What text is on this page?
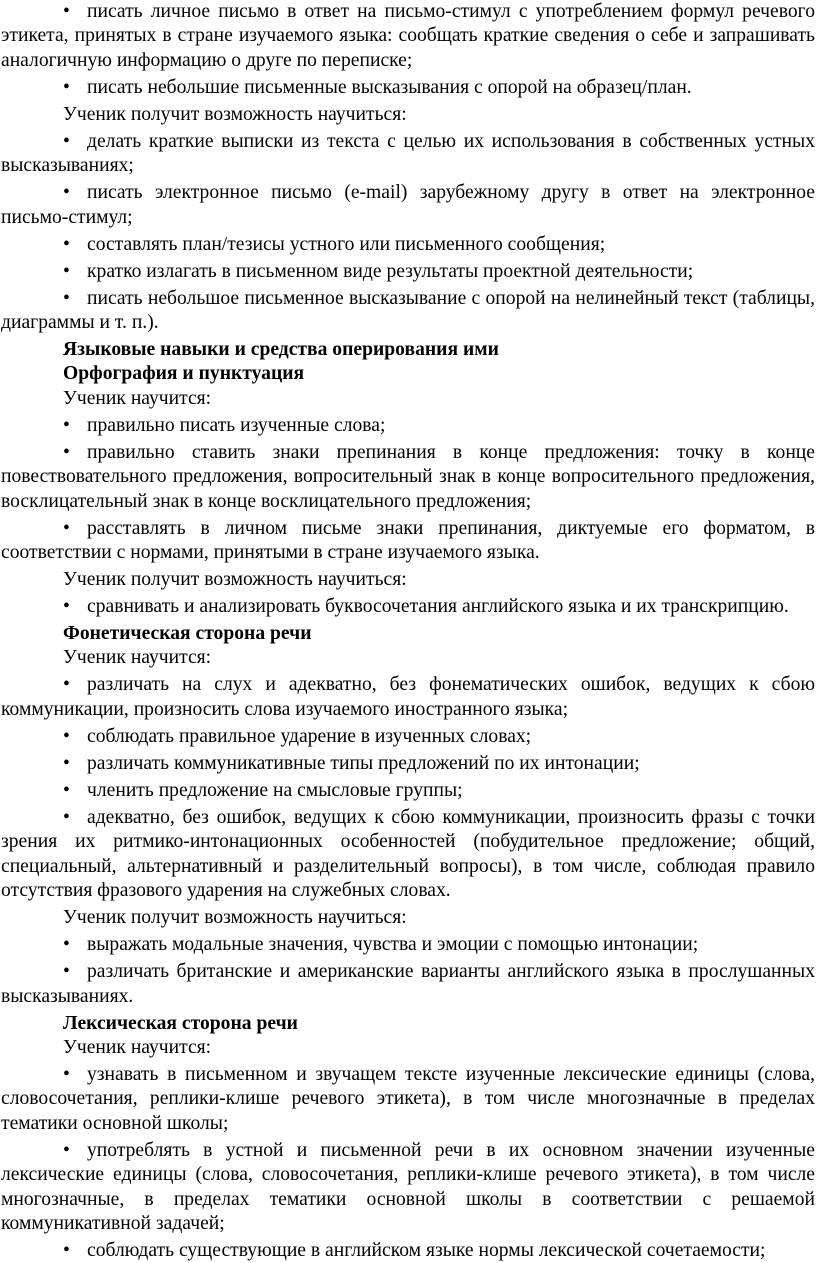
• писать личное письмо в ответ на письмо-стимул с употреблением формул речевого этикета, принятых в стране изучаемого языка: сообщать краткие сведения о себе и запрашивать аналогичную информацию о друге по переписке;

• писать небольшие письменные высказывания с опорой на образец/план.

Ученик получит возможность научиться:

• делать краткие выписки из текста с целью их использования в собственных устных высказываниях;

• писать электронное письмо (e-mail) зарубежному другу в ответ на электронное письмо-стимул;

• составлять план/тезисы устного или письменного сообщения;

• кратко излагать в письменном виде результаты проектной деятельности;

• писать небольшое письменное высказывание с опорой на нелинейный текст (таблицы, диаграммы и т. п.).

Языковые навыки и средства оперирования ими

Орфография и пунктуация

Ученик научится:

• правильно писать изученные слова;

• правильно ставить знаки препинания в конце предложения: точку в конце повествовательного предложения, вопросительный знак в конце вопросительного предложения, восклицательный знак в конце восклицательного предложения;

• расставлять в личном письме знаки препинания, диктуемые его форматом, в соответствии с нормами, принятыми в стране изучаемого языка.

Ученик получит возможность научиться:

• сравнивать и анализировать буквосочетания английского языка и их транскрипцию.

Фонетическая сторона речи

Ученик научится:

• различать на слух и адекватно, без фонематических ошибок, ведущих к сбою коммуникации, произносить слова изучаемого иностранного языка;

• соблюдать правильное ударение в изученных словах;

• различать коммуникативные типы предложений по их интонации;

• членить предложение на смысловые группы;

• адекватно, без ошибок, ведущих к сбою коммуникации, произносить фразы с точки зрения их ритмико-интонационных особенностей (побудительное предложение; общий, специальный, альтернативный и разделительный вопросы), в том числе, соблюдая правило отсутствия фразового ударения на служебных словах.

Ученик получит возможность научиться:

• выражать модальные значения, чувства и эмоции с помощью интонации;

• различать британские и американские варианты английского языка в прослушанных высказываниях.

Лексическая сторона речи

Ученик научится:

• узнавать в письменном и звучащем тексте изученные лексические единицы (слова, словосочетания, реплики-клише речевого этикета), в том числе многозначные в пределах тематики основной школы;

• употреблять в устной и письменной речи в их основном значении изученные лексические единицы (слова, словосочетания, реплики-клише речевого этикета), в том числе многозначные, в пределах тематики основной школы в соответствии с решаемой коммуникативной задачей;

• соблюдать существующие в английском языке нормы лексической сочетаемости;
